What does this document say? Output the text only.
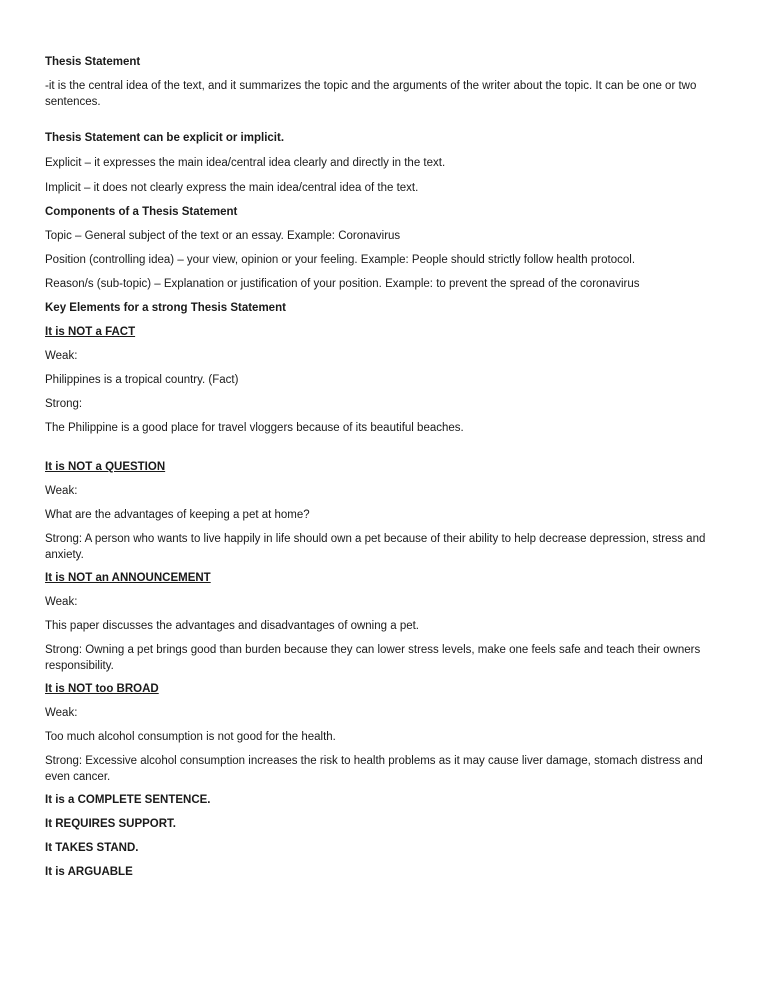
Thesis Statement

-it is the central idea of the text, and it summarizes the topic and the arguments of the writer about the topic. It can be one or two sentences.

Thesis Statement can be explicit or implicit.

Explicit – it expresses the main idea/central idea clearly and directly in the text.

Implicit – it does not clearly express the main idea/central idea of the text.

Components of a Thesis Statement

Topic – General subject of the text or an essay. Example: Coronavirus

Position (controlling idea) – your view, opinion or your feeling. Example: People should strictly follow health protocol.

Reason/s (sub-topic) – Explanation or justification of your position. Example: to prevent the spread of the coronavirus

Key Elements for a strong Thesis Statement

It is NOT a FACT

Weak:

Philippines is a tropical country. (Fact)

Strong:

The Philippine is a good place for travel vloggers because of its beautiful beaches.

It is NOT a QUESTION

Weak:

What are the advantages of keeping a pet at home?

Strong: A person who wants to live happily in life should own a pet because of their ability to help decrease depression, stress and anxiety.

It is NOT an ANNOUNCEMENT

Weak:

This paper discusses the advantages and disadvantages of owning a pet.

Strong: Owning a pet brings good than burden because they can lower stress levels, make one feels safe and teach their owners responsibility.

It is NOT too BROAD

Weak:

Too much alcohol consumption is not good for the health.

Strong: Excessive alcohol consumption increases the risk to health problems as it may cause liver damage, stomach distress and even cancer.

It is a COMPLETE SENTENCE.

It REQUIRES SUPPORT.

It TAKES STAND.

It is ARGUABLE
